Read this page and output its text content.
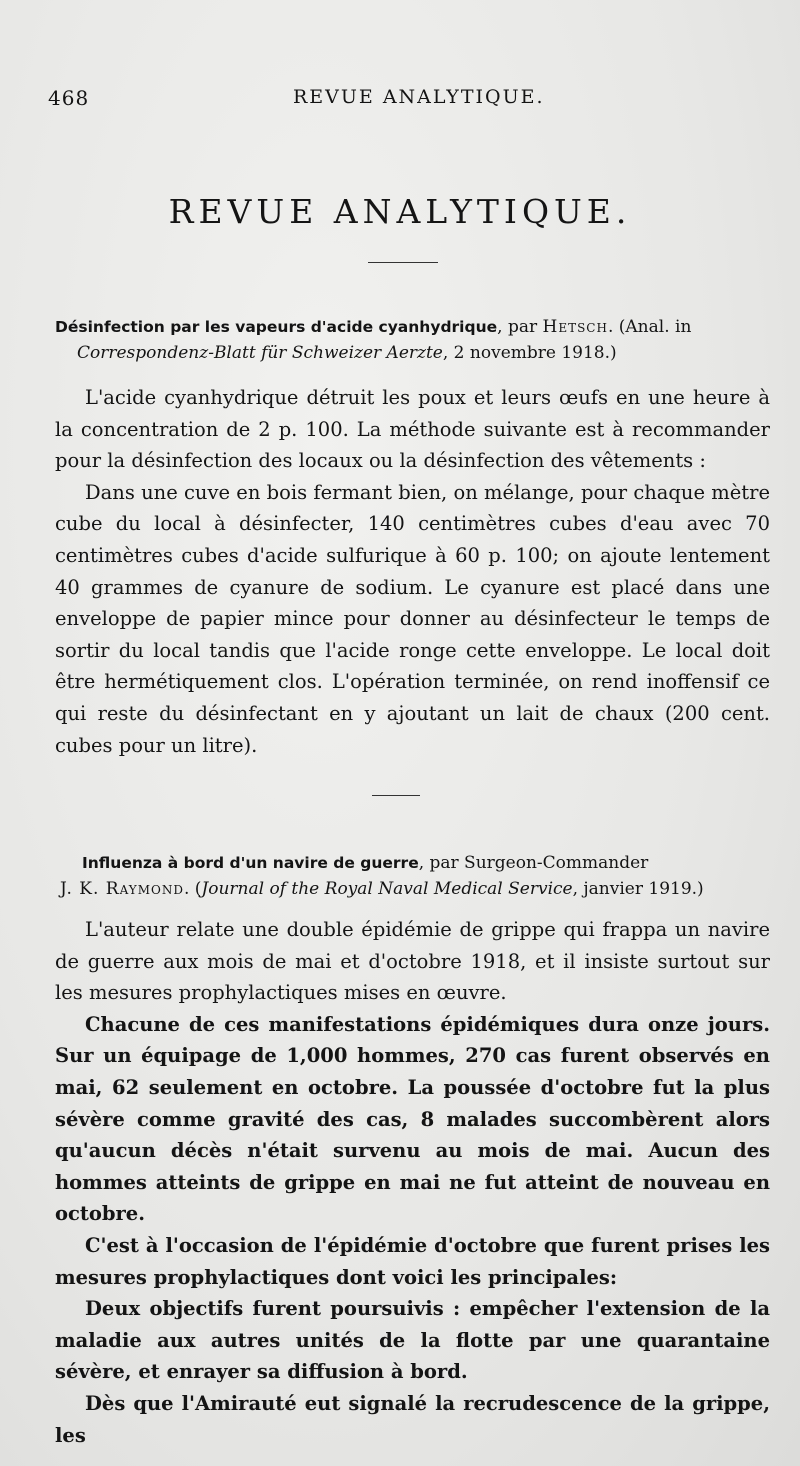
468	REVUE ANALYTIQUE.
REVUE ANALYTIQUE.
Désinfection par les vapeurs d'acide cyanhydrique, par Hetsch. (Anal. in
Correspondenz-Blatt für Schweizer Aerzte, 2 novembre 1918.)

L'acide cyanhydrique détruit les poux et leurs œufs en une heure à la concentration de 2 p. 100. La méthode suivante est à recommander pour la désinfection des locaux ou la désinfection des vêtements :

Dans une cuve en bois fermant bien, on mélange, pour chaque mètre cube du local à désinfecter, 140 centimètres cubes d'eau avec 70 centimètres cubes d'acide sulfurique à 60 p. 100; on ajoute lentement 40 grammes de cyanure de sodium. Le cyanure est placé dans une enveloppe de papier mince pour donner au désinfecteur le temps de sortir du local tandis que l'acide ronge cette enveloppe. Le local doit être hermétiquement clos. L'opération terminée, on rend inoffensif ce qui reste du désinfectant en y ajoutant un lait de chaux (200 cent. cubes pour un litre).

Influenza à bord d'un navire de guerre, par Surgeon-Commander
J. K. Raymond. (Journal of the Royal Naval Medical Service, janvier 1919.)

L'auteur relate une double épidémie de grippe qui frappa un navire de guerre aux mois de mai et d'octobre 1918, et il insiste surtout sur les mesures prophylactiques mises en œuvre.

Chacune de ces manifestations épidémiques dura onze jours. Sur un équipage de 1,000 hommes, 270 cas furent observés en mai, 62 seulement en octobre. La poussée d'octobre fut la plus sévère comme gravité des cas, 8 malades succombèrent alors qu'aucun décès n'était survenu au mois de mai. Aucun des hommes atteints de grippe en mai ne fut atteint de nouveau en octobre.

C'est à l'occasion de l'épidémie d'octobre que furent prises les mesures prophylactiques dont voici les principales:

Deux objectifs furent poursuivis : empêcher l'extension de la maladie aux autres unités de la flotte par une quarantaine sévère, et enrayer sa diffusion à bord.

Dès que l'Amirauté eut signalé la recrudescence de la grippe, les
